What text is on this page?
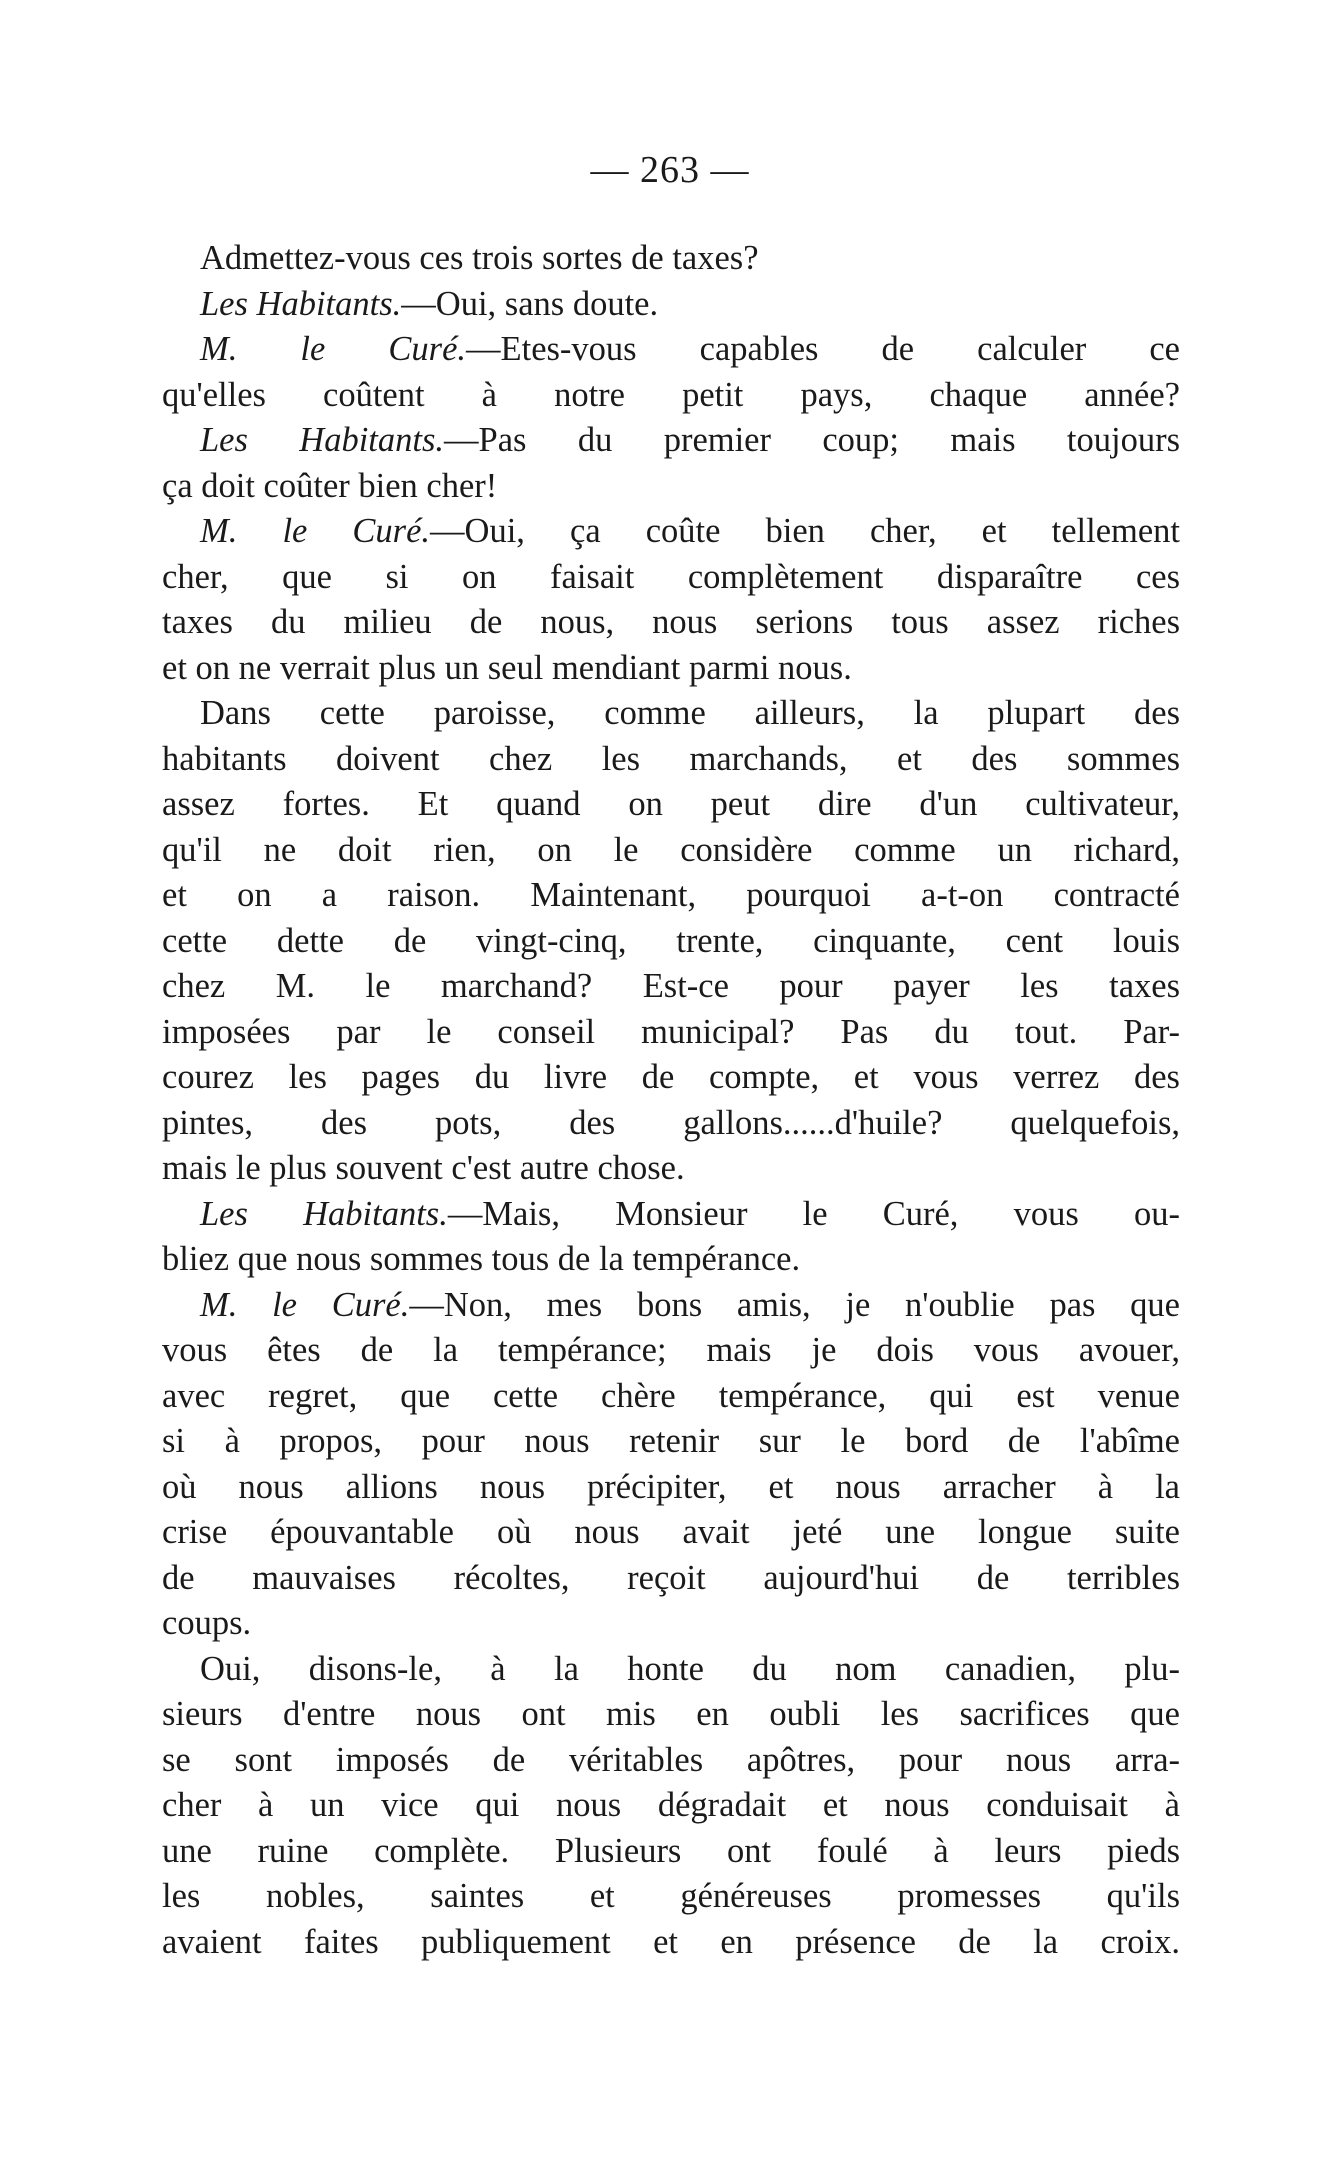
— 263 —
Admettez-vous ces trois sortes de taxes?
Les Habitants.—Oui, sans doute.
M. le Curé.—Etes-vous capables de calculer ce
qu'elles coûtent à notre petit pays, chaque année?
Les Habitants.—Pas du premier coup; mais toujours
ça doit coûter bien cher!
M. le Curé.—Oui, ça coûte bien cher, et tellement
cher, que si on faisait complètement disparaître ces
taxes du milieu de nous, nous serions tous assez riches
et on ne verrait plus un seul mendiant parmi nous.
Dans cette paroisse, comme ailleurs, la plupart des
habitants doivent chez les marchands, et des sommes
assez fortes. Et quand on peut dire d'un cultivateur,
qu'il ne doit rien, on le considère comme un richard,
et on a raison. Maintenant, pourquoi a-t-on contracté
cette dette de vingt-cinq, trente, cinquante, cent louis
chez M. le marchand? Est-ce pour payer les taxes
imposées par le conseil municipal? Pas du tout. Par-
courez les pages du livre de compte, et vous verrez des
pintes, des pots, des gallons......d'huile? quelquefois,
mais le plus souvent c'est autre chose.
Les Habitants.—Mais, Monsieur le Curé, vous ou-
bliez que nous sommes tous de la tempérance.
M. le Curé.—Non, mes bons amis, je n'oublie pas que
vous êtes de la tempérance; mais je dois vous avouer,
avec regret, que cette chère tempérance, qui est venue
si à propos, pour nous retenir sur le bord de l'abîme
où nous allions nous précipiter, et nous arracher à la
crise épouvantable où nous avait jeté une longue suite
de mauvaises récoltes, reçoit aujourd'hui de terribles
coups.
Oui, disons-le, à la honte du nom canadien, plu-
sieurs d'entre nous ont mis en oubli les sacrifices que
se sont imposés de véritables apôtres, pour nous arra-
cher à un vice qui nous dégradait et nous conduisait à
une ruine complète. Plusieurs ont foulé à leurs pieds
les nobles, saintes et généreuses promesses qu'ils
avaient faites publiquement et en présence de la croix.
